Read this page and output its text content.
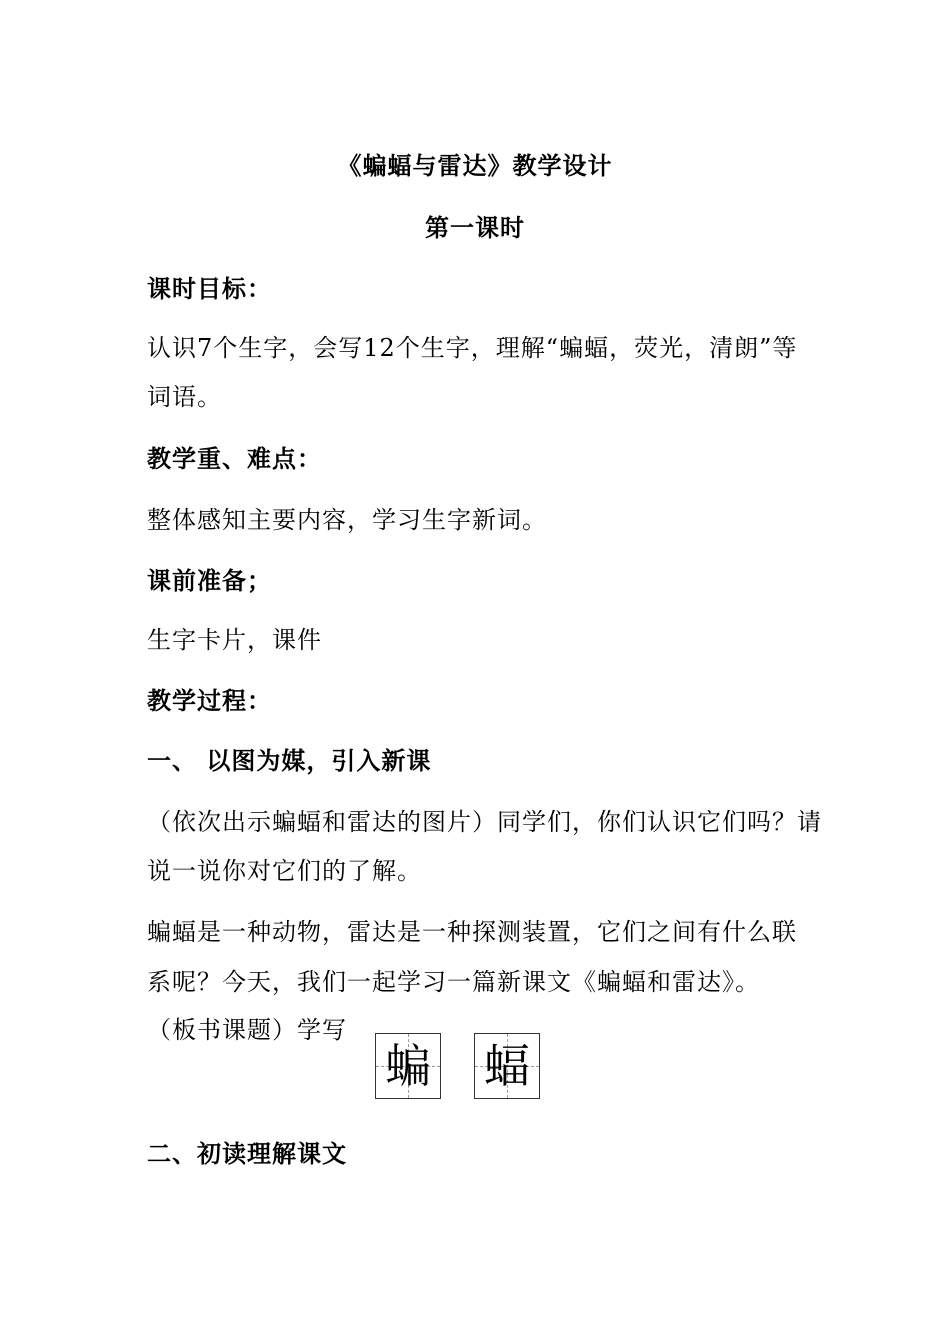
《蝙蝠与雷达》教学设计
第一课时
课时目标：
认识7个生字，会写12个生字，理解“蝙蝠，荧光，清朗”等
词语。
教学重、难点：
整体感知主要内容，学习生字新词。
课前准备；
生字卡片，课件
教学过程：
一、 以图为媒，引入新课
（依次出示蝙蝠和雷达的图片）同学们，你们认识它们吗？请
说一说你对它们的了解。
蝙蝠是一种动物，雷达是一种探测装置，它们之间有什么联
系呢？今天，我们一起学习一篇新课文《蝙蝠和雷达》。
（板书课题）学写
蝙 蝠
二、初读理解课文
